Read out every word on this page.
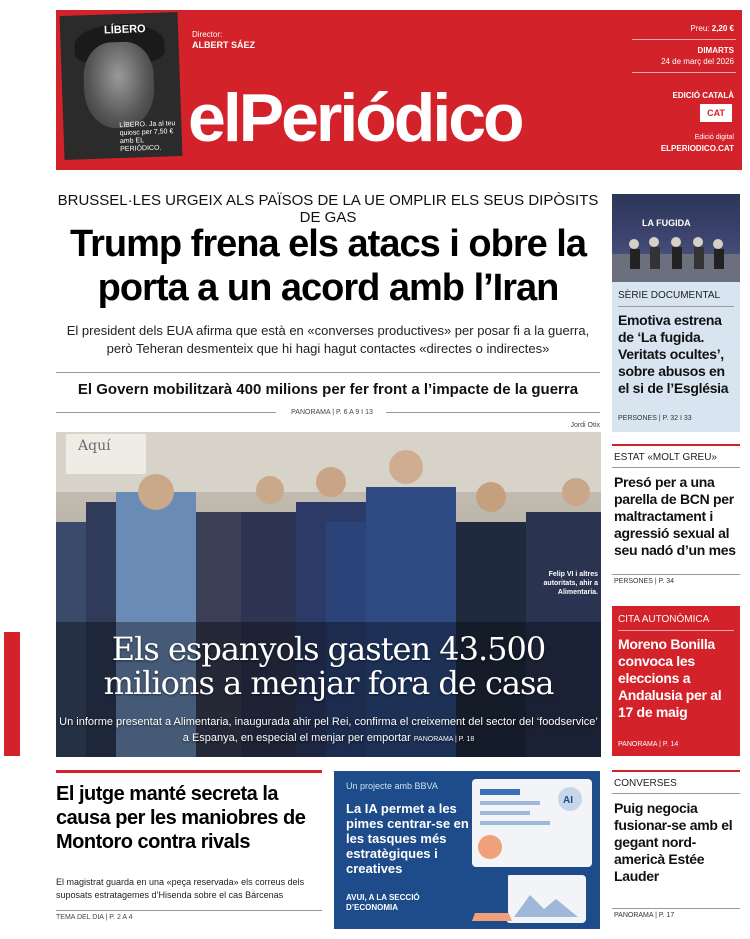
LÍBERO
LÍBERO. Ja al teu quiosc per 7,50 € amb EL PERIÓDICO.
Director:
ALBERT SÁEZ
elPeriódico
Preu: 2,20 €
DIMARTS
24 de març del 2026
EDICIÓ CATALÀ
CAT
Edició digital
ELPERIODICO.CAT
BRUSSEL·LES URGEIX ALS PAÏSOS DE LA UE OMPLIR ELS SEUS DIPÒSITS DE GAS
Trump frena els atacs i obre la porta a un acord amb l’Iran
El president dels EUA afirma que està en «converses productives» per posar fi a la guerra, però Teheran desmenteix que hi hagi hagut contactes «directes o indirectes»
El Govern mobilitzarà 400 milions per fer front a l’impacte de la guerra
PANORAMA | P. 6 A 9 I 13
Jordi Otix
Aquí
Felip VI i altres autoritats, ahir a Alimentaria.
Els espanyols gasten 43.500 milions a menjar fora de casa
Un informe presentat a Alimentaria, inaugurada ahir pel Rei, confirma el creixement del sector del ‘foodservice’ a Espanya, en especial el menjar per emportar PANORAMA | P. 18
El jutge manté secreta la causa per les maniobres de Montoro contra rivals
El magistrat guarda en una «peça reservada» els correus dels suposats estratagemes d’Hisenda sobre el cas Bárcenas
TEMA DEL DIA | P. 2 A 4
AI
Un projecte amb BBVA
La IA permet a les pimes centrar-se en les tasques més estratègiques i creatives
AVUI, A LA SECCIÓ D’ECONOMIA
LA FUGIDA
SÈRIE DOCUMENTAL
Emotiva estrena de ‘La fugida. Veritats ocultes’, sobre abusos en el si de l’Església
PERSONES | P. 32 I 33
ESTAT «MOLT GREU»
Presó per a una parella de BCN per maltractament i agressió sexual al seu nadó d’un mes
PERSONES | P. 34
CITA AUTONÒMICA
Moreno Bonilla convoca les eleccions a Andalusia per al 17 de maig
PANORAMA | P. 14
CONVERSES
Puig negocia fusionar-se amb el gegant nord-americà Estée Lauder
PANORAMA | P. 17
